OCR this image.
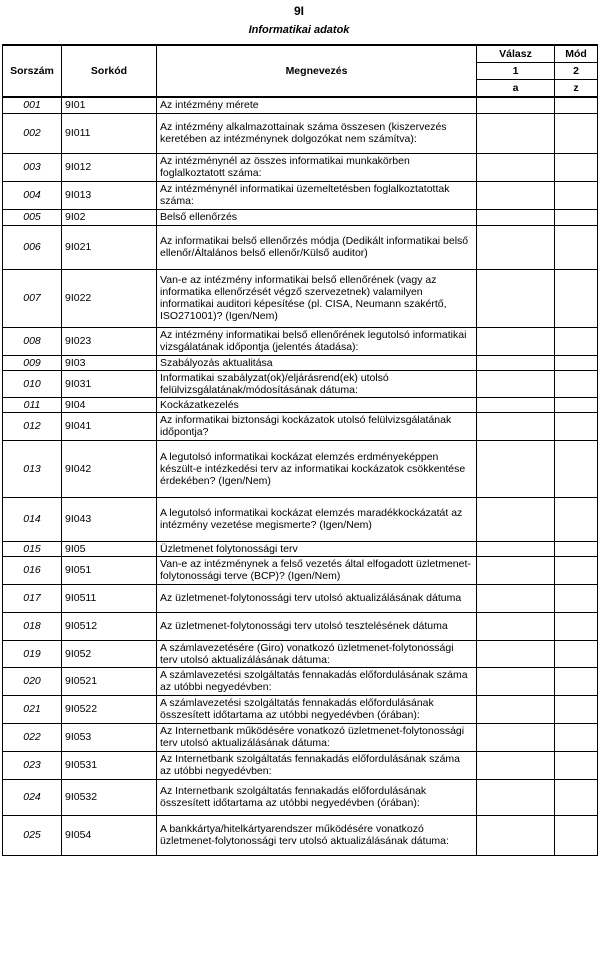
9I
Informatikai adatok
Sorszám	Sorkód	Megnevezés	Válasz	Mód
			1	2
			a	z
001	9I01	Az intézmény mérete		
002	9I011	Az intézmény alkalmazottainak száma összesen (kiszervezés keretében az intézménynek dolgozókat nem számítva):		
003	9I012	Az intézménynél az összes informatikai munkakörben foglalkoztatott száma:		
004	9I013	Az intézménynél informatikai üzemeltetésben foglalkoztatottak száma:		
005	9I02	Belső ellenőrzés		
006	9I021	Az informatikai belső ellenőrzés módja (Dedikált informatikai belső ellenőr/Általános belső ellenőr/Külső auditor)		
007	9I022	Van-e az intézmény informatikai belső ellenőrének (vagy az informatika ellenőrzését végző szervezetnek) valamilyen informatikai auditori képesítése (pl. CISA, Neumann szakértő, ISO271001)? (Igen/Nem)		
008	9I023	Az intézmény informatikai belső ellenőrének legutolsó informatikai vizsgálatának időpontja (jelentés átadása):		
009	9I03	Szabályozás aktualitása		
010	9I031	Informatikai szabályzat(ok)/eljárásrend(ek) utolsó felülvizsgálatának/módosításának dátuma:		
011	9I04	Kockázatkezelés		
012	9I041	Az informatikai biztonsági kockázatok utolsó felülvizsgálatának időpontja?		
013	9I042	A legutolsó informatikai kockázat elemzés erdményeképpen készült-e intézkedési terv az informatikai kockázatok csökkentése érdekében? (Igen/Nem)		
014	9I043	A legutolsó informatikai kockázat elemzés maradékkockázatát az intézmény vezetése megismerte? (Igen/Nem)		
015	9I05	Üzletmenet folytonossági terv		
016	9I051	Van-e az intézménynek a felső vezetés által elfogadott üzletmenet-folytonossági terve (BCP)? (Igen/Nem)		
017	9I0511	Az üzletmenet-folytonossági terv utolsó aktualizálásának dátuma		
018	9I0512	Az üzletmenet-folytonossági terv utolsó tesztelésének dátuma		
019	9I052	A számlavezetésére (Giro) vonatkozó üzletmenet-folytonossági terv utolsó aktualizálásának dátuma:		
020	9I0521	A számlavezetési szolgáltatás fennakadás előfordulásának száma az utóbbi negyedévben:		
021	9I0522	A számlavezetési szolgáltatás fennakadás előfordulásának összesített időtartama az utóbbi negyedévben (órában):		
022	9I053	Az Internetbank működésére vonatkozó üzletmenet-folytonossági terv utolsó aktualizálásának dátuma:		
023	9I0531	Az Internetbank szolgáltatás fennakadás előfordulásának száma az utóbbi negyedévben:		
024	9I0532	Az Internetbank szolgáltatás fennakadás előfordulásának összesített időtartama az utóbbi negyedévben (órában):		
025	9I054	A bankkártya/hitelkártyarendszer működésére vonatkozó üzletmenet-folytonossági terv utolsó aktualizálásának dátuma:		
